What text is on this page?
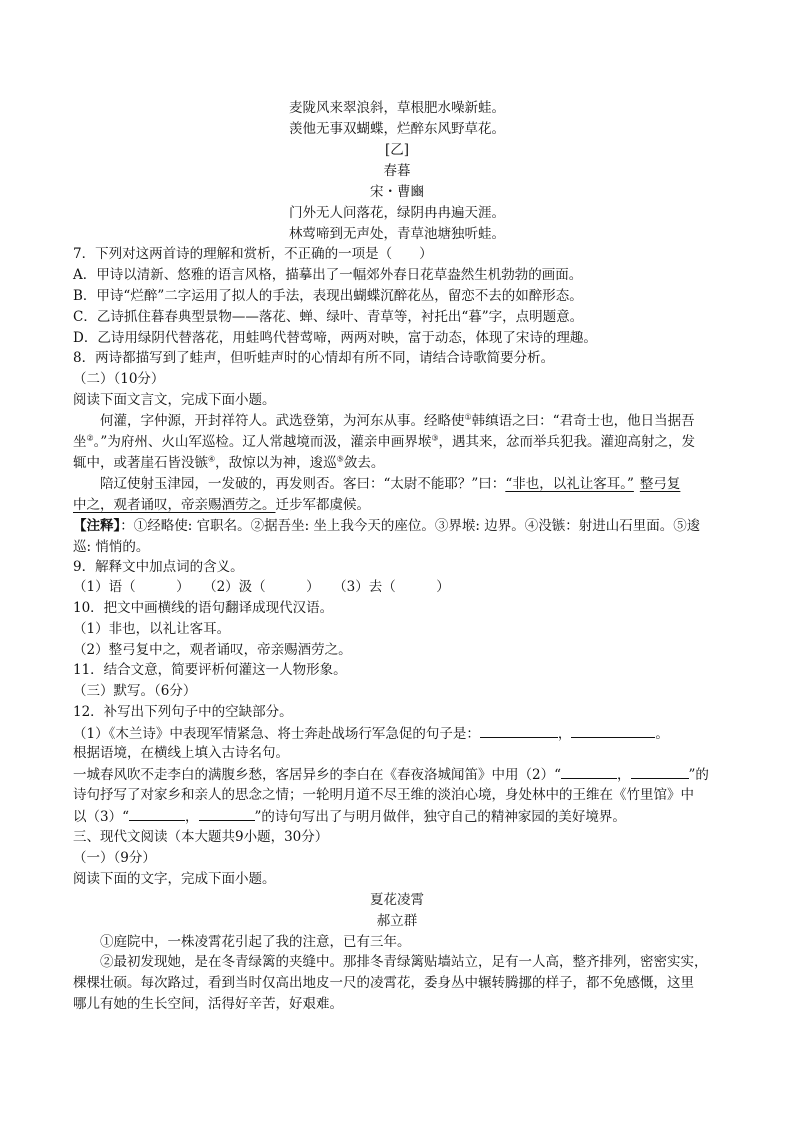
麦陇风来翠浪斜，草根肥水噪新蛙。
羡他无事双蝴蝶，烂醉东风野草花。
[乙]
春暮
宋・曹豳
门外无人问落花，绿阴冉冉遍天涯。
林莺啼到无声处，青草池塘独听蛙。
7．下列对这两首诗的理解和赏析，不正确的一项是（　　）
A．甲诗以清新、悠雅的语言风格，描摹出了一幅郊外春日花草盎然生机勃勃的画面。
B．甲诗“烂醉”二字运用了拟人的手法，表现出蝴蝶沉醉花丛，留恋不去的如醉形态。
C．乙诗抓住暮春典型景物——落花、蝉、绿叶、青草等，衬托出“暮”字，点明题意。
D．乙诗用绿阴代替落花，用蛙鸣代替莺啼，两两对映，富于动态，体现了宋诗的理趣。
8．两诗都描写到了蛙声，但听蛙声时的心情却有所不同，请结合诗歌简要分析。
（二）（10分）
阅读下面文言文，完成下面小题。
何灌，字仲源，开封祥符人。武选登第，为河东从事。经略使①韩缜语之曰：“君奇士也，他日当据吾
坐②。”为府州、火山军巡检。辽人常越境而汲，灌亲申画界堠③，遇其来，忿而举兵犯我。灌迎高射之，发
辄中，或著崖石皆没镞④，敌惊以为神，逡巡⑤敛去。
陪辽使射玉津园，一发破的，再发则否。客曰：“太尉不能耶？”曰：“非也，以礼让客耳。” 整弓复
中之，观者诵叹，帝亲赐酒劳之。迁步军都虞候。
【注释】：①经略使: 官职名。②据吾坐: 坐上我今天的座位。③界堠: 边界。④没镞：射进山石里面。⑤逡
巡: 悄悄的。
9．解释文中加点词的含义。
（1）语（　　　）　　（2）汲（　　　）　　（3）去（　　　）
10．把文中画横线的语句翻译成现代汉语。
（1）非也，以礼让客耳。
（2）整弓复中之，观者诵叹，帝亲赐酒劳之。
11．结合文意，简要评析何灌这一人物形象。
（三）默写。（6分）
12．补写出下列句子中的空缺部分。
（1）《木兰诗》中表现军情紧急、将士奔赴战场行军急促的句子是：	，	。
根据语境，在横线上填入古诗名句。
一城春风吹不走李白的满腹乡愁，客居异乡的李白在《春夜洛城闻笛》中用（2）“	，	”的
诗句抒写了对家乡和亲人的思念之情；一轮明月道不尽王维的淡泊心境，身处林中的王维在《竹里馆》中
以（3）“	，	”的诗句写出了与明月做伴，独守自己的精神家园的美好境界。
三、现代文阅读（本大题共9小题，30分）
（一）（9分）
阅读下面的文字，完成下面小题。
夏花凌霄
郝立群
①庭院中，一株凌霄花引起了我的注意，已有三年。
②最初发现她，是在冬青绿篱的夹缝中。那排冬青绿篱贴墙站立，足有一人高，整齐排列，密密实实，
棵棵壮硕。每次路过，看到当时仅高出地皮一尺的凌霄花，委身丛中辗转腾挪的样子，都不免感慨，这里
哪儿有她的生长空间，活得好辛苦，好艰难。
